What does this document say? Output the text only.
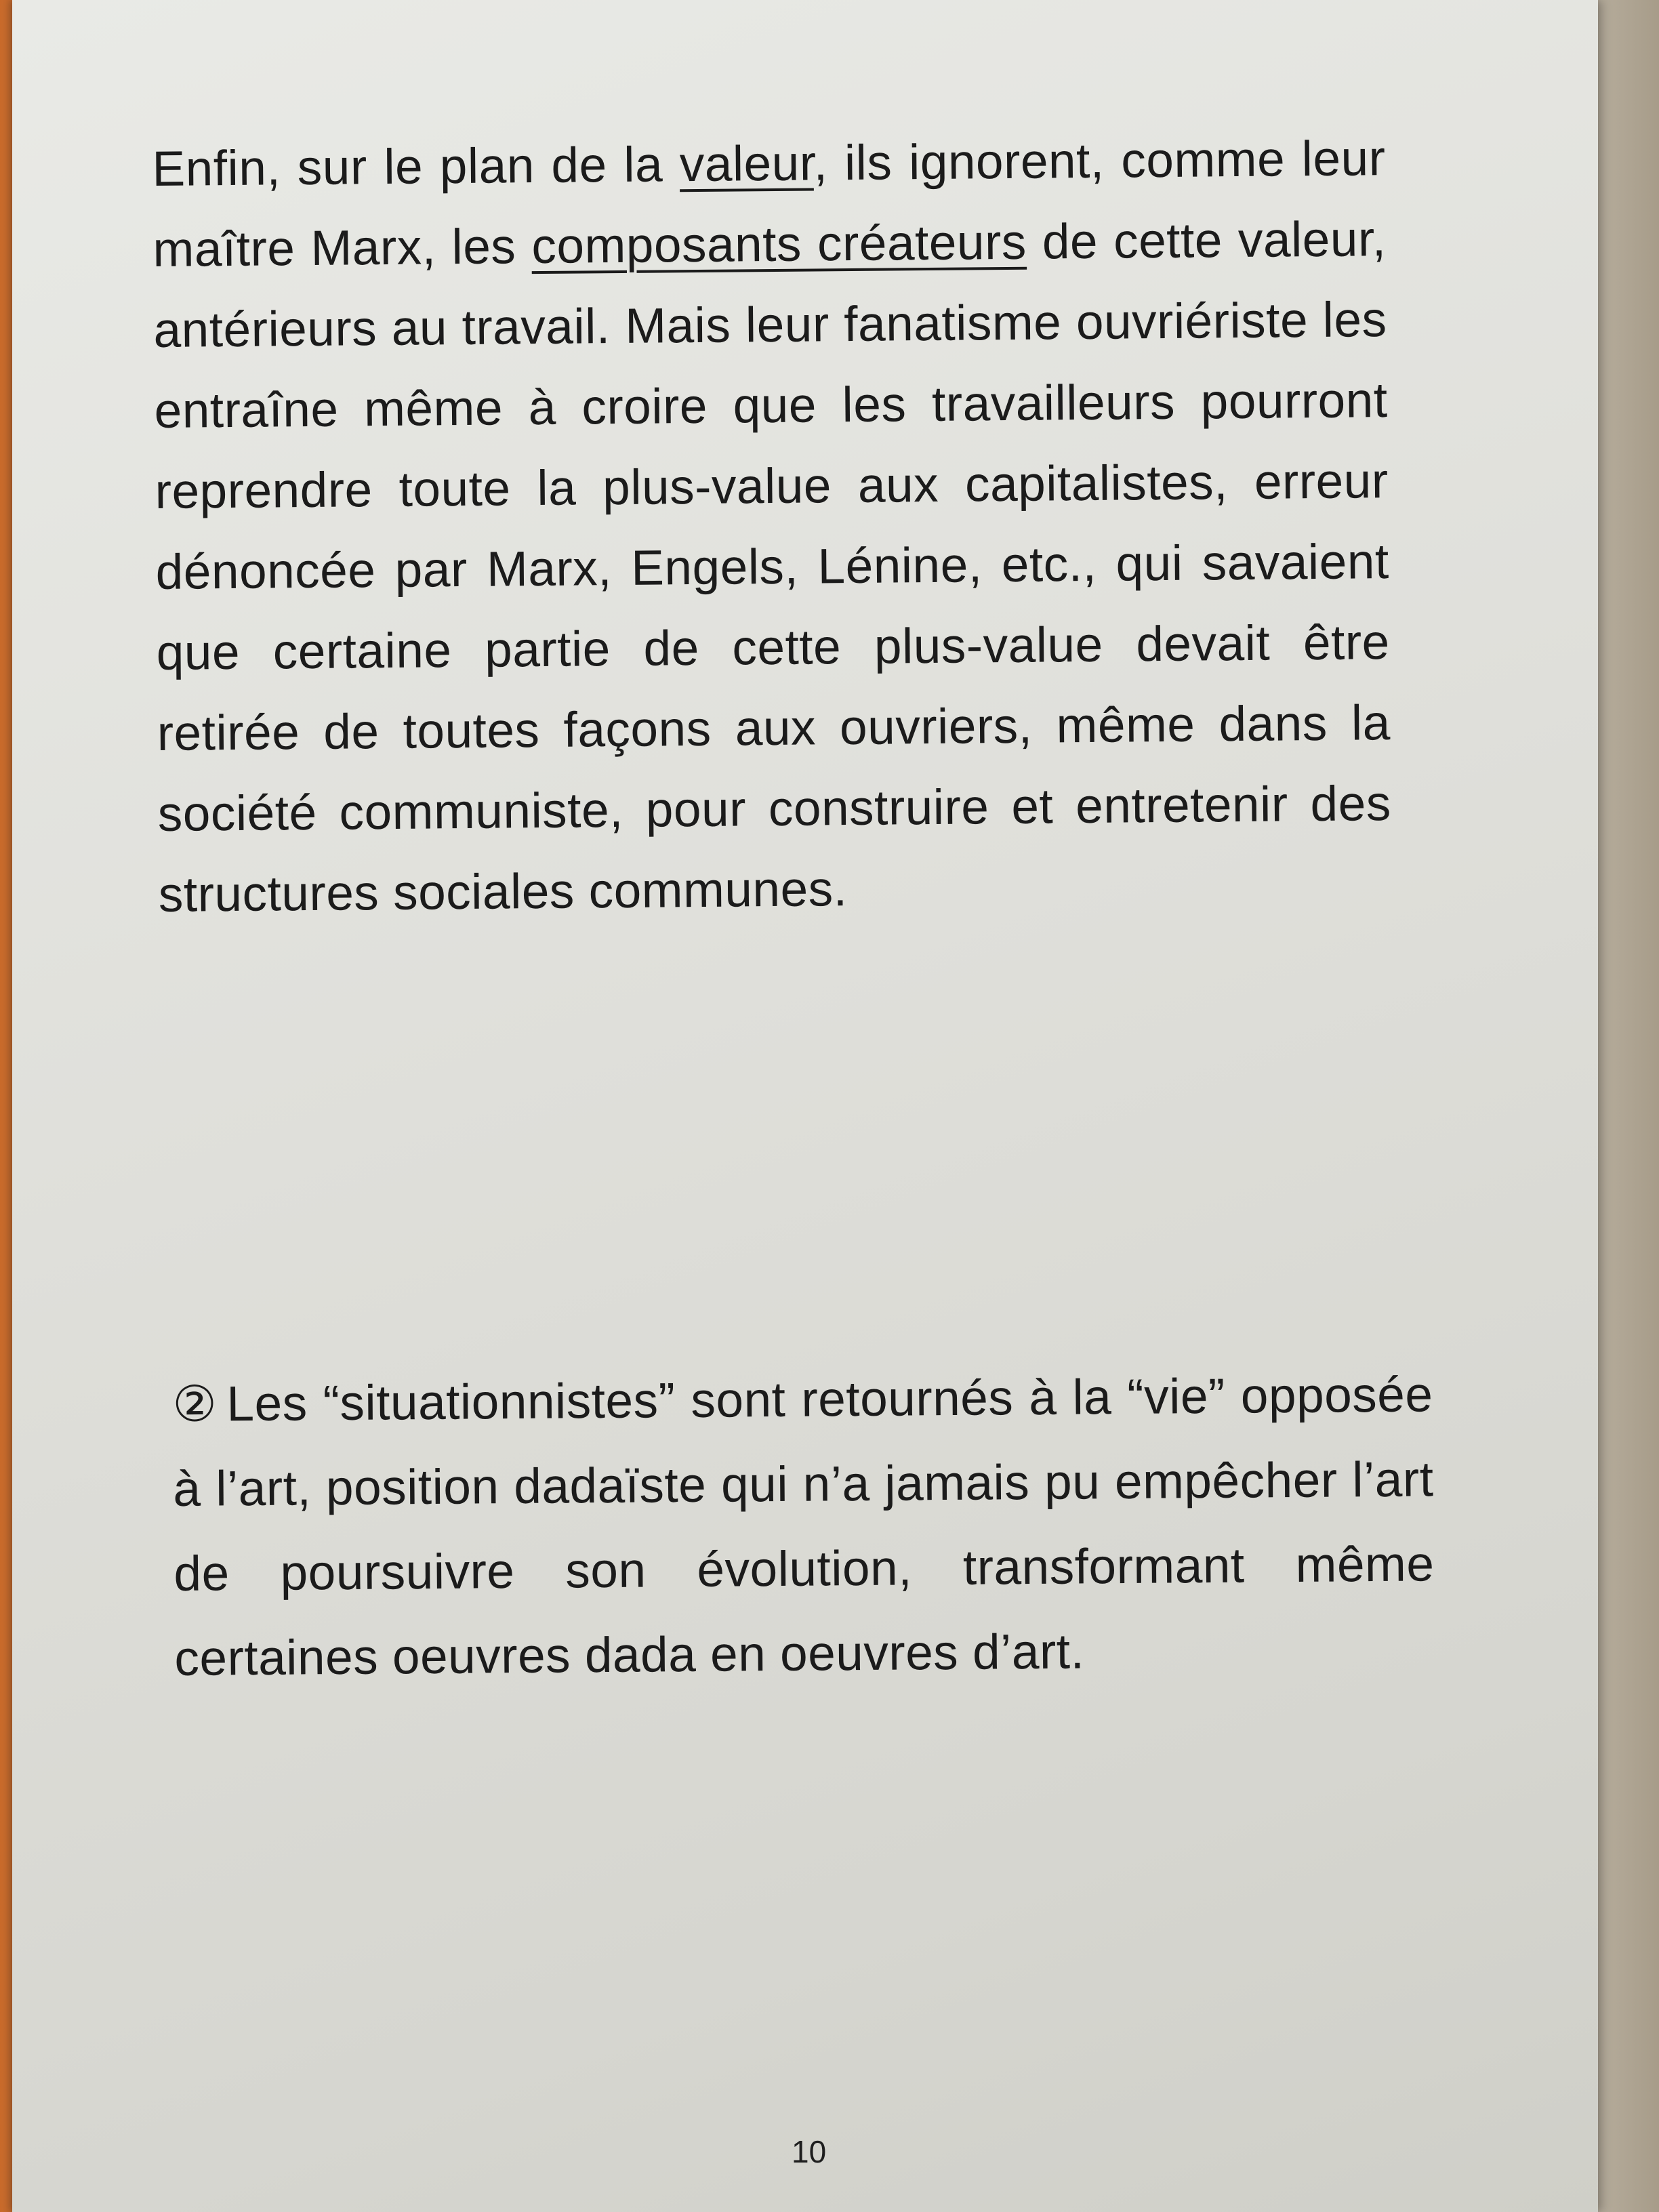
Enfin, sur le plan de la valeur, ils ignorent, comme leur maître Marx, les composants créateurs de cette valeur, antérieurs au travail. Mais leur fanatisme ouvriériste les entraîne même à croire que les travailleurs pourront reprendre toute la plus-value aux capitalistes, erreur dénoncée par Marx, Engels, Lénine, etc., qui savaient que certaine partie de cette plus-value devait être retirée de toutes façons aux ouvriers, même dans la société communiste, pour construire et entretenir des structures sociales communes.
② Les “situationnistes” sont retournés à la “vie” opposée à l’art, position dadaïste qui n’a jamais pu empêcher l’art de poursuivre son évolution, transformant même certaines oeuvres dada en oeuvres d’art.
10
